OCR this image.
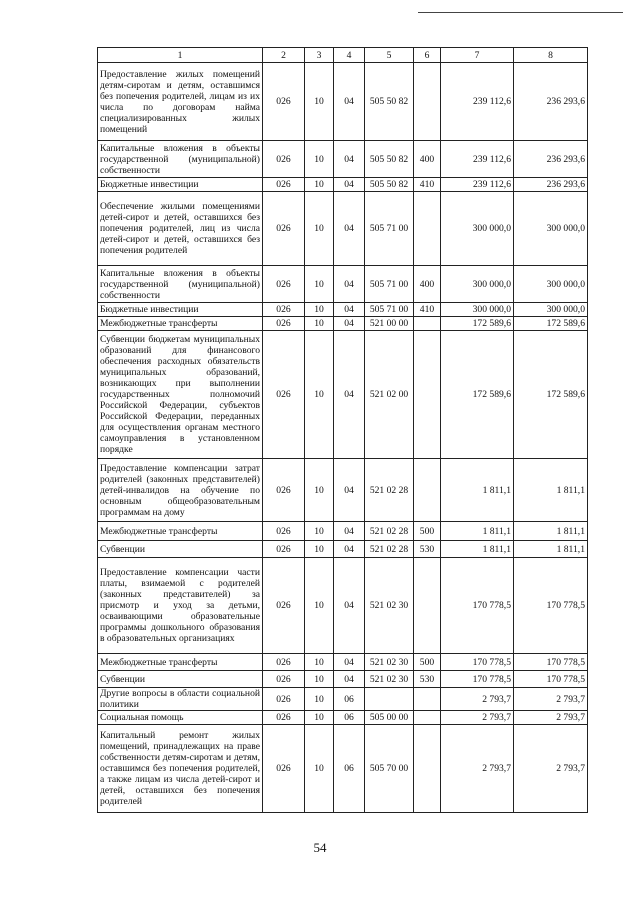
1	2	3	4	5	6	7	8
Предоставление жилых помещений детям-сиротам и детям, оставшимся без попечения родителей, лицам из их числа по договорам найма специализированных жилых помещений	026	10	04	505 50 82		239 112,6	236 293,6
Капитальные вложения в объекты государственной (муниципальной) собственности	026	10	04	505 50 82	400	239 112,6	236 293,6
Бюджетные инвестиции	026	10	04	505 50 82	410	239 112,6	236 293,6
Обеспечение жилыми помещениями детей-сирот и детей, оставшихся без попечения родителей, лиц из числа детей-сирот и детей, оставшихся без попечения родителей	026	10	04	505 71 00		300 000,0	300 000,0
Капитальные вложения в объекты государственной (муниципальной) собственности	026	10	04	505 71 00	400	300 000,0	300 000,0
Бюджетные инвестиции	026	10	04	505 71 00	410	300 000,0	300 000,0
Межбюджетные трансферты	026	10	04	521 00 00		172 589,6	172 589,6
Субвенции бюджетам муниципальных образований для финансового обеспечения расходных обязательств муниципальных образований, возникающих при выполнении государственных полномочий Российской Федерации, субъектов Российской Федерации, переданных для осуществления органам местного самоуправления в установленном порядке	026	10	04	521 02 00		172 589,6	172 589,6
Предоставление компенсации затрат родителей (законных представителей) детей-инвалидов на обучение по основным общеобразовательным программам на дому	026	10	04	521 02 28		1 811,1	1 811,1
Межбюджетные трансферты	026	10	04	521 02 28	500	1 811,1	1 811,1
Субвенции	026	10	04	521 02 28	530	1 811,1	1 811,1
Предоставление компенсации части платы, взимаемой с родителей (законных представителей) за присмотр и уход за детьми, осваивающими образовательные программы дошкольного образования в образовательных организациях	026	10	04	521 02 30		170 778,5	170 778,5
Межбюджетные трансферты	026	10	04	521 02 30	500	170 778,5	170 778,5
Субвенции	026	10	04	521 02 30	530	170 778,5	170 778,5
Другие вопросы в области социальной политики	026	10	06			2 793,7	2 793,7
Социальная помощь	026	10	06	505 00 00		2 793,7	2 793,7
Капитальный ремонт жилых помещений, принадлежащих на праве собственности детям-сиротам и детям, оставшимся без попечения родителей, а также лицам из числа детей-сирот и детей, оставшихся без попечения родителей	026	10	06	505 70 00		2 793,7	2 793,7
54
